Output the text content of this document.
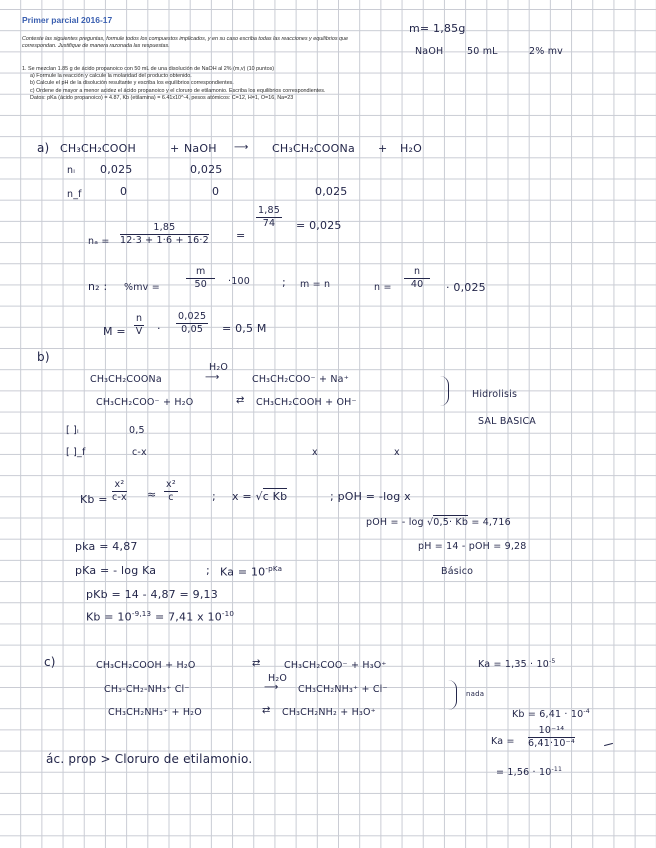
Primer parcial 2016-17
Conteste las siguientes preguntas, formule todos los compuestos implicados, y en su caso escriba todas las reacciones y equilibrios que correspondan. Justifique de manera razonada las respuestas.
1. Se mezclan 1.85 g de ácido propanoico con 50 mL de una disolución de NaOH al 2% (m,v) (10 puntos)
a) Formule la reacción y calcule la molaridad del producto obtenido.
b) Calcule el pH de la disolución resultante y escriba los equilibrios correspondientes.
c) Ordene de mayor a menor acidez el ácido propanoico y el cloruro de etilamonio. Escriba los equilibrios correspondientes.
Datos: pKa (ácido propanoico) = 4.87, Kb (etilamina) = 6.41x10^-4, pesos atómicos: C=12, H=1, O=16, Na=23
m= 1,85g
NaOH 50 mL	2% mv
a) CH₃CH₂COOH	+ NaOH ⟶ CH₃CH₂COONa + H₂O
nᵢ 0,025	0,025
n_f	0	0	0,025
$n_a = \frac{1,85}{12\cdot 3 + 1\cdot 6 + 16\cdot 2}$ =
$\frac{1,85}{74} = 0,025$
n₂ : %mv =	$\frac{m}{50} \cdot 100$	; m = n	$n = \frac{n}{40} \cdot 0,025$
$M = \frac{n}{V} \cdot \frac{0,025}{0,05} = 0,5$ M
b)
CH₃CH₂COONa
H₂O
⟶	CH₃CH₂COO⁻ + Na⁺
CH₃CH₂COO⁻ + H₂O	⇄ CH₃CH₂COOH + OH⁻
Hidrolisis
SAL BASICA
[ ]ᵢ	0,5
[ ]_f	c-x	x	x
$Kb = \frac{\text{x²}}{c-x} \approx \frac{\text{x²}}{c}$	; x = √c Kb	; pOH = -log x
pOH = - log √0,5· Kb = 4,716
pH = 14 - pOH = 9,28
Básico
pka = 4,87
pKa = - log Ka	; $Ka = 10^{-pKa}$
pKb = 14 - 4,87 = 9,13
$Kb = 10^{-9,13} = 7,41$ x $10^{-10}$
c)	CH₃CH₂COOH + H₂O	⇄ CH₃CH₂COO⁻ + H₃O⁺	$Ka = 1,35 \cdot 10^{-5}$
CH₃-CH₂-NH₃⁺ Cl⁻
H₂O
⟶ CH₃CH₂NH₃⁺ + Cl⁻
CH₃CH₂NH₃⁺ + H₂O	⇄ CH₃CH₂NH₂ + H₃O⁺
nada
$Kb = 6,41 \cdot 10^{-4}$
$Ka = \frac{\text{10⁻¹⁴}}{\text{6,41·10⁻⁴}}$
= $1,56 \cdot 10^{-11}$
ác. prop > Cloruro de etilamonio.
